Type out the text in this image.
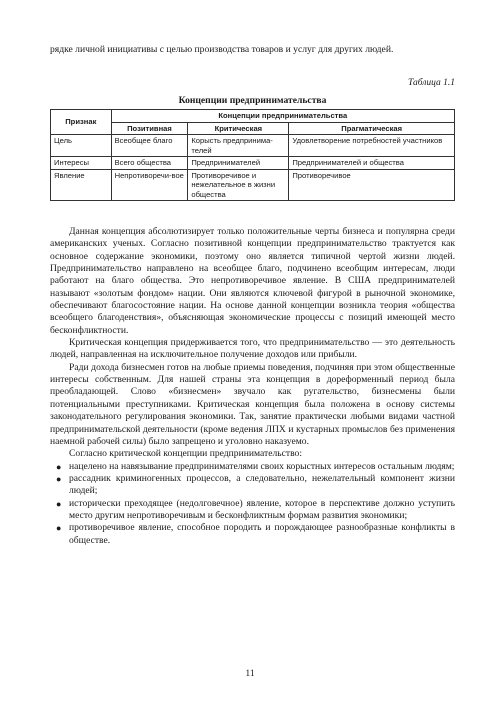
рядке личной инициативы с целью производства товаров и услуг для других людей.
Таблица 1.1
Концепции предпринимательства
Признак	Концепции предпринимательства		
	Позитивная	Критическая	Прагматическая
Цель	Всеобщее благо	Корысть предпринима-телей	Удовлетворение потребностей участников
Интересы	Всего общества	Предпринимателей	Предпринимателей и общества
Явление	Непротиворечи-вое	Противоречивое и нежелательное в жизни общества	Противоречивое

Данная концепция абсолютизирует только положительные черты бизнеса и популярна среди американских ученых. Согласно позитивной концепции предпринимательство трактуется как основное содержание экономики, поэтому оно является типичной чертой жизни людей. Предпринимательство направлено на всеобщее благо, подчинено всеобщим интересам, люди работают на благо общества. Это непротиворечивое явление. В США предпринимателей называют «золотым фондом» нации. Они являются ключевой фигурой в рыночной экономике, обеспечивают благосостояние нации. На основе данной концепции возникла теория «общества всеобщего благоденствия», объясняющая экономические процессы с позиций имеющей место бесконфликтности.

Критическая концепция придерживается того, что предпринимательство — это деятельность людей, направленная на исключительное получение доходов или прибыли.

Ради дохода бизнесмен готов на любые приемы поведения, подчиняя при этом общественные интересы собственным. Для нашей страны эта концепция в дореформенный период была преобладающей. Слово «бизнесмен» звучало как ругательство, бизнесмены были потенциальными преступниками. Критическая концепция была положена в основу системы законодательного регулирования экономики. Так, занятие практически любыми видами частной предпринимательской деятельности (кроме ведения ЛПХ и кустарных промыслов без применения наемной рабочей силы) было запрещено и уголовно наказуемо.

Согласно критической концепции предпринимательство:

● нацелено на навязывание предпринимателями своих корыстных интересов остальным людям;
● рассадник криминогенных процессов, а следовательно, нежелательный компонент жизни людей;
● исторически преходящее (недолговечное) явление, которое в перспективе должно уступить место другим непротиворечивым и бесконфликтным формам развития экономики;
● противоречивое явление, способное породить и порождающее разнообразные конфликты в обществе.
11
